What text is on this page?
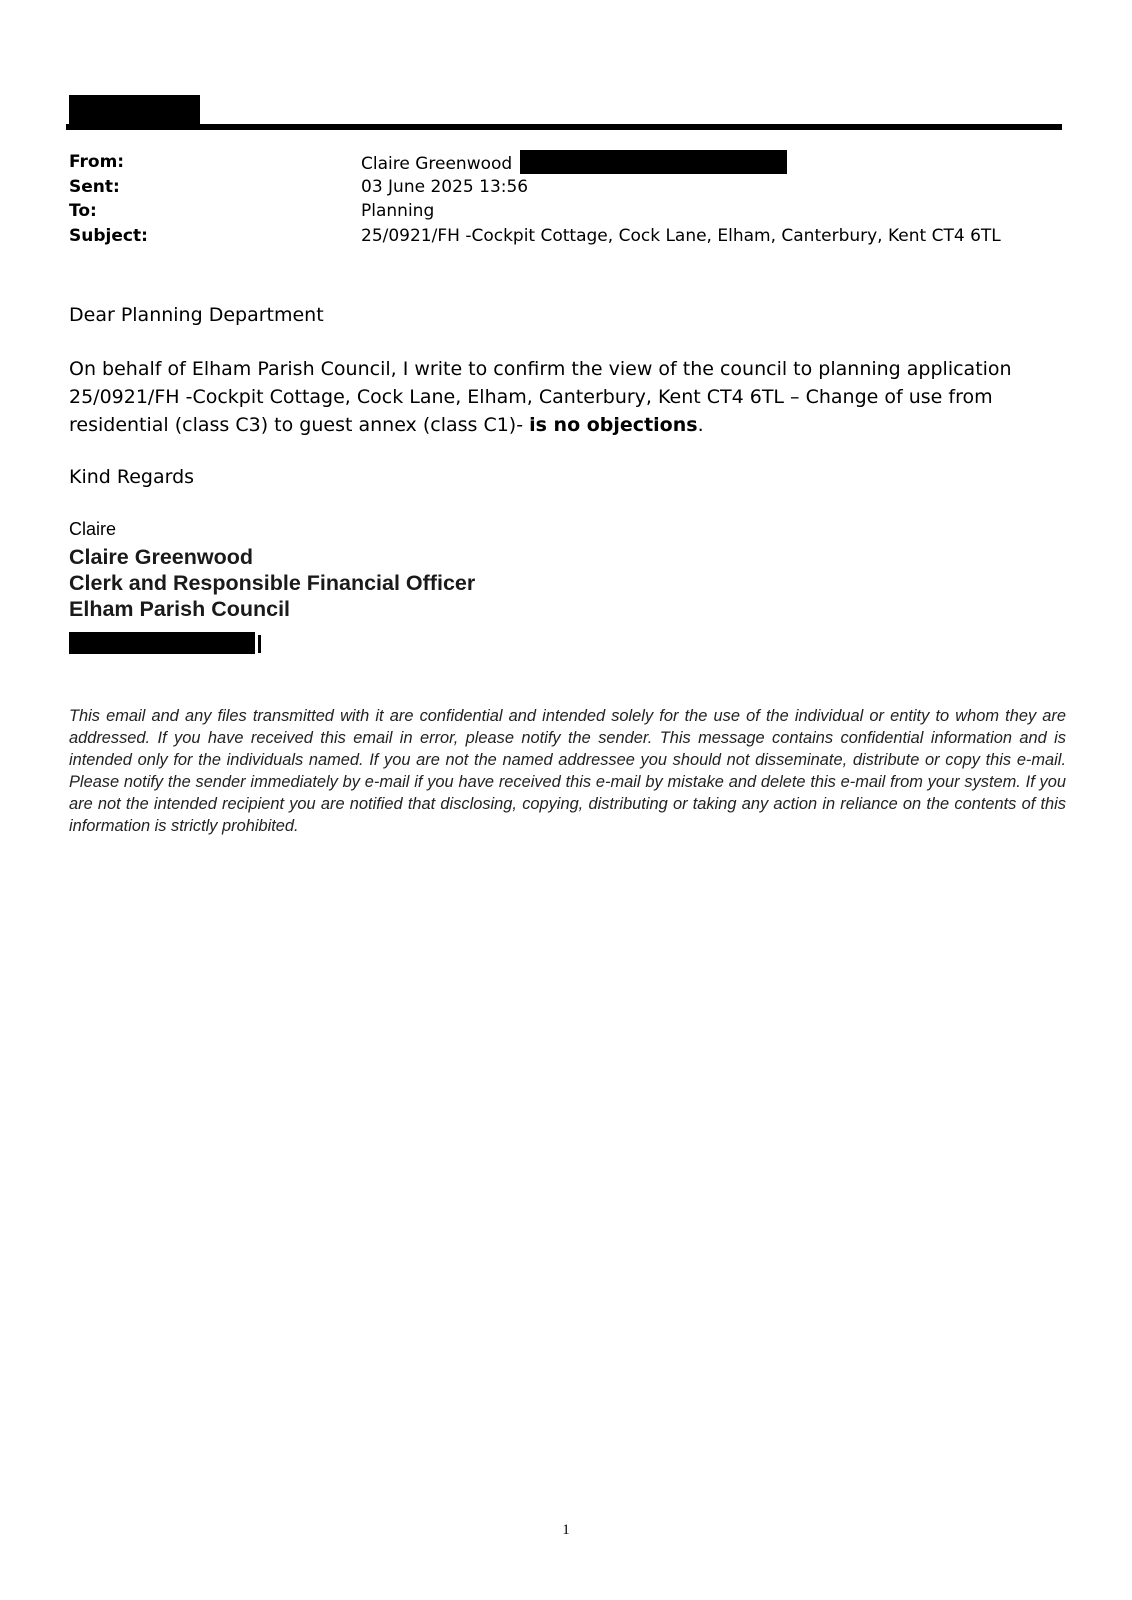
From:	Claire Greenwood
Sent:	03 June 2025 13:56
To:	Planning
Subject:	25/0921/FH -Cockpit Cottage, Cock Lane, Elham, Canterbury, Kent CT4 6TL
Dear Planning Department
On behalf of Elham Parish Council, I write to confirm the view of the council to planning application
25/0921/FH -Cockpit Cottage, Cock Lane, Elham, Canterbury, Kent CT4 6TL – Change of use from
residential (class C3) to guest annex (class C1)- is no objections.
Kind Regards
Claire
Claire Greenwood
Clerk and Responsible Financial Officer
Elham Parish Council
This email and any files transmitted with it are confidential and intended solely for the use of the individual or entity to whom they are addressed. If you have received this email in error, please notify the sender. This message contains confidential information and is intended only for the individuals named. If you are not the named addressee you should not disseminate, distribute or copy this e-mail. Please notify the sender immediately by e-mail if you have received this e-mail by mistake and delete this e-mail from your system. If you are not the intended recipient you are notified that disclosing, copying, distributing or taking any action in reliance on the contents of this information is strictly prohibited.
1
